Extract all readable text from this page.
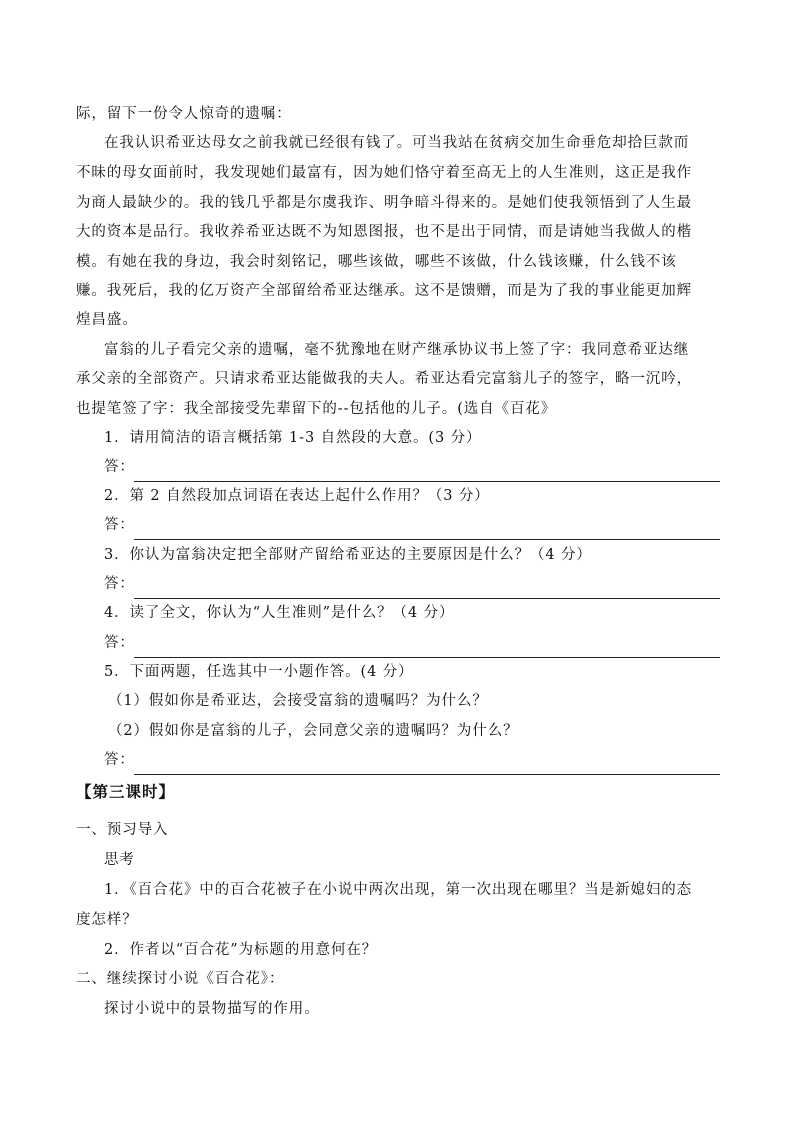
际，留下一份令人惊奇的遗嘱：
在我认识希亚达母女之前我就已经很有钱了。可当我站在贫病交加生命垂危却拾巨款而
不昧的母女面前时，我发现她们最富有，因为她们恪守着至高无上的人生准则，这正是我作
为商人最缺少的。我的钱几乎都是尔虞我诈、明争暗斗得来的。是她们使我领悟到了人生最
大的资本是品行。我收养希亚达既不为知恩图报，也不是出于同情，而是请她当我做人的楷
模。有她在我的身边，我会时刻铭记，哪些该做，哪些不该做，什么钱该赚，什么钱不该
赚。我死后，我的亿万资产全部留给希亚达继承。这不是馈赠，而是为了我的事业能更加辉
煌昌盛。
富翁的儿子看完父亲的遗嘱，毫不犹豫地在财产继承协议书上签了字：我同意希亚达继
承父亲的全部资产。只请求希亚达能做我的夫人。希亚达看完富翁儿子的签字，略一沉吟，
也提笔签了字：我全部接受先辈留下的--包括他的儿子。(选自《百花》
1．请用简洁的语言概括第 1-3 自然段的大意。(3 分）
答：
2．第 2 自然段加点词语在表达上起什么作用？（3 分）
答：
3．你认为富翁决定把全部财产留给希亚达的主要原因是什么？（4 分）
答：
4．读了全文，你认为“人生准则”是什么？（4 分）
答：
5．下面两题，任选其中一小题作答。(4 分）
（1）假如你是希亚达，会接受富翁的遗嘱吗？为什么？
（2）假如你是富翁的儿子，会同意父亲的遗嘱吗？为什么？
答：
【第三课时】
一、预习导入
思考
1．《百合花》中的百合花被子在小说中两次出现，第一次出现在哪里？当是新媳妇的态
度怎样？
2．作者以“百合花”为标题的用意何在？
二、继续探讨小说《百合花》：
探讨小说中的景物描写的作用。
